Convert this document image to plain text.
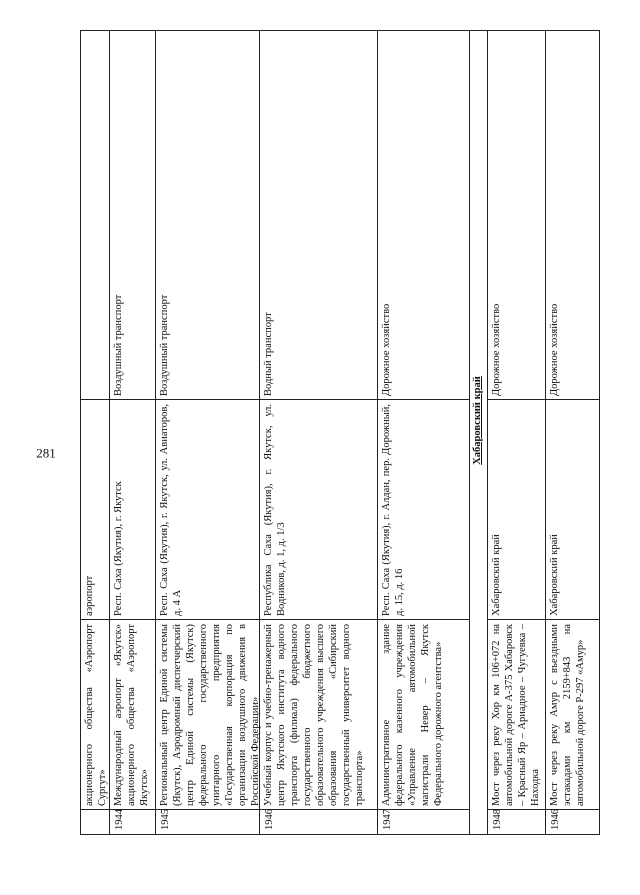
281
акционерного общества «Аэропорт Сургут»
аэропорт
1944
Международный аэропорт «Якутск» акционерного общества «Аэропорт Якутск»
Респ. Саха (Якутия), г. Якутск
Воздушный транспорт
1945
Региональный центр Единой системы (Якутск), Аэродромный диспетчерский центр Единой системы (Якутск) федерального государственного унитарного предприятия «Государственная корпорация по организации воздушного движения в Российской Федерации»
Респ. Саха (Якутия), г. Якутск, ул. Авиаторов, д. 4 А
Воздушный транспорт
1946
Учебный корпус и учебно-тренажерный центр Якутского института водного транспорта (филиала) федерального государственного бюджетного образовательного учреждения высшего образования «Сибирский государственный университет водного транспорта»
Республика Саха (Якутия), г. Якутск, ул. Водников, д. 1, д. 1/3
Водный транспорт
1947
Административное здание федерального казенного учреждения «Управление автомобильной магистрали Невер – Якутск Федерального дорожного агентства»
Респ. Саха (Якутия), г. Алдан, пер. Дорожный, д. 15, д. 16
Дорожное хозяйство
Хабаровский край
1948
Мост через реку Хор км 106+072 на автомобильной дороге А-375 Хабаровск – Красный Яр – Ариадное – Чугуевка – Находка
Хабаровский край
Дорожное хозяйство
1946
Мост через реку Амур с въездными эстакадами км 2159+843 на автомобильной дороге Р-297 «Амур»
Хабаровский край
Дорожное хозяйство
